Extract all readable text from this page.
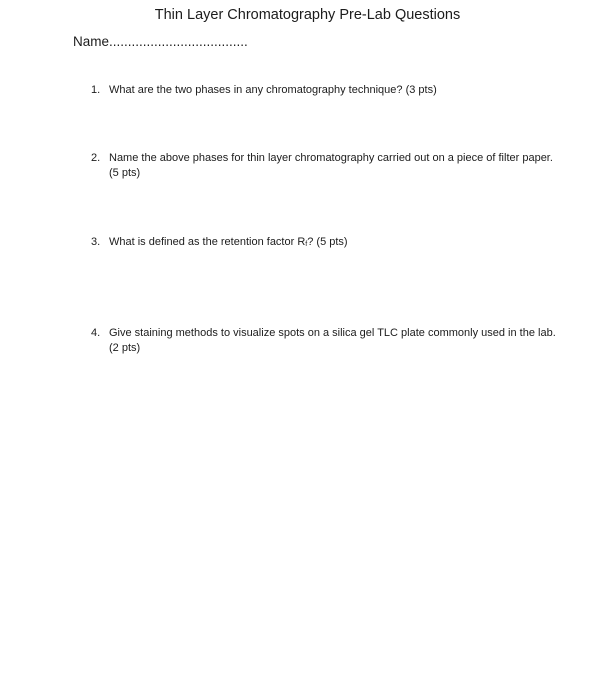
Thin Layer Chromatography Pre-Lab Questions
Name.....................................
1. What are the two phases in any chromatography technique? (3 pts)
2. Name the above phases for thin layer chromatography carried out on a piece of filter paper. (5 pts)
3. What is defined as the retention factor $R_f$? (5 pts)
4. Give staining methods to visualize spots on a silica gel TLC plate commonly used in the lab. (2 pts)
